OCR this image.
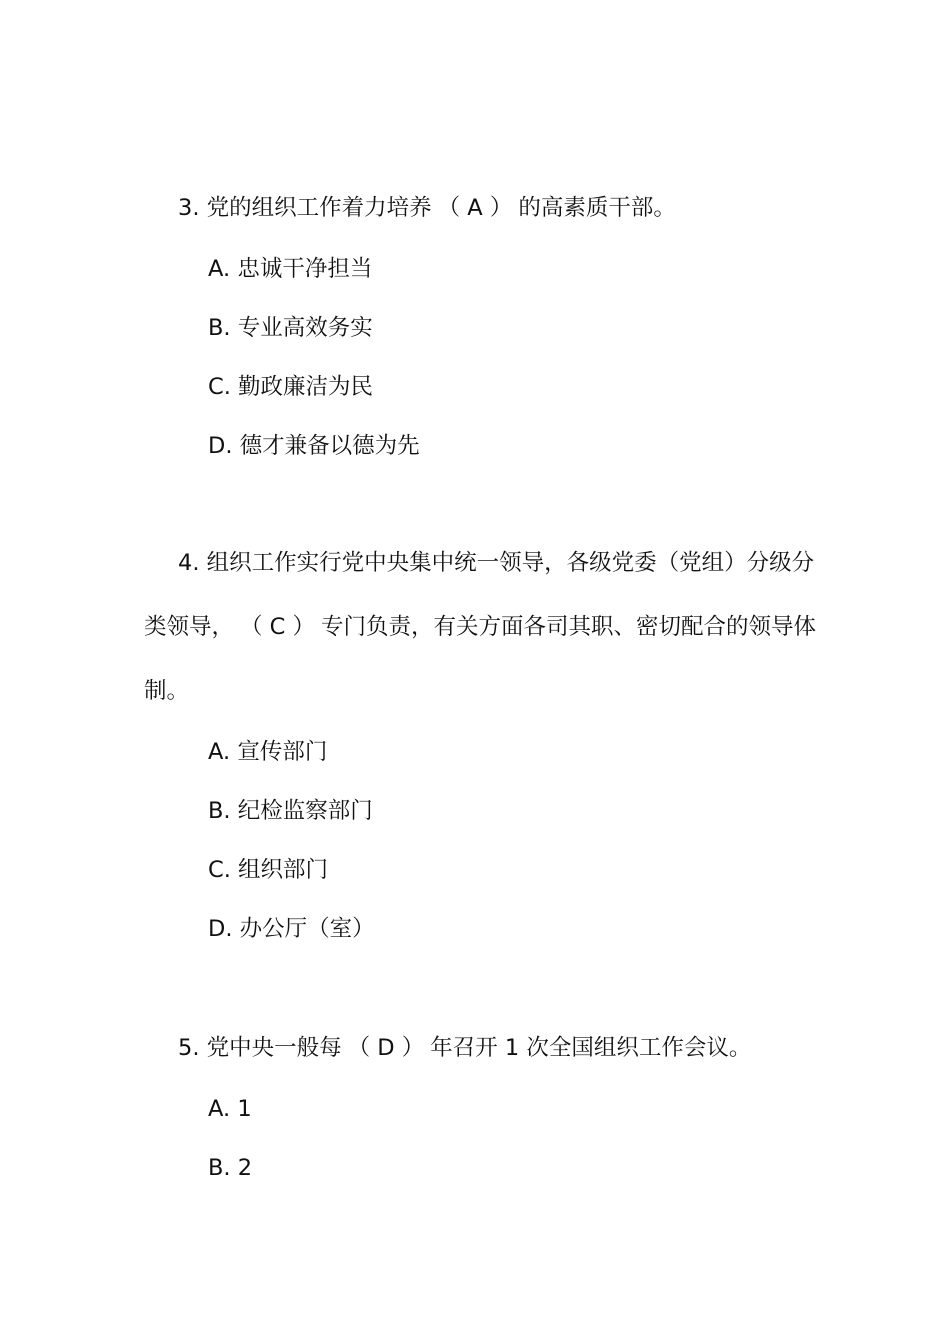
3. 党的组织工作着力培养 （ A ） 的高素质干部。

A. 忠诚干净担当
B. 专业高效务实
C. 勤政廉洁为民
D. 德才兼备以德为先

4. 组织工作实行党中央集中统一领导，各级党委（党组）分级分类领导， （ C ） 专门负责，有关方面各司其职、密切配合的领导体制。

A. 宣传部门
B. 纪检监察部门
C. 组织部门
D. 办公厅（室）

5. 党中央一般每 （ D ） 年召开 1 次全国组织工作会议。

A. 1
B. 2
